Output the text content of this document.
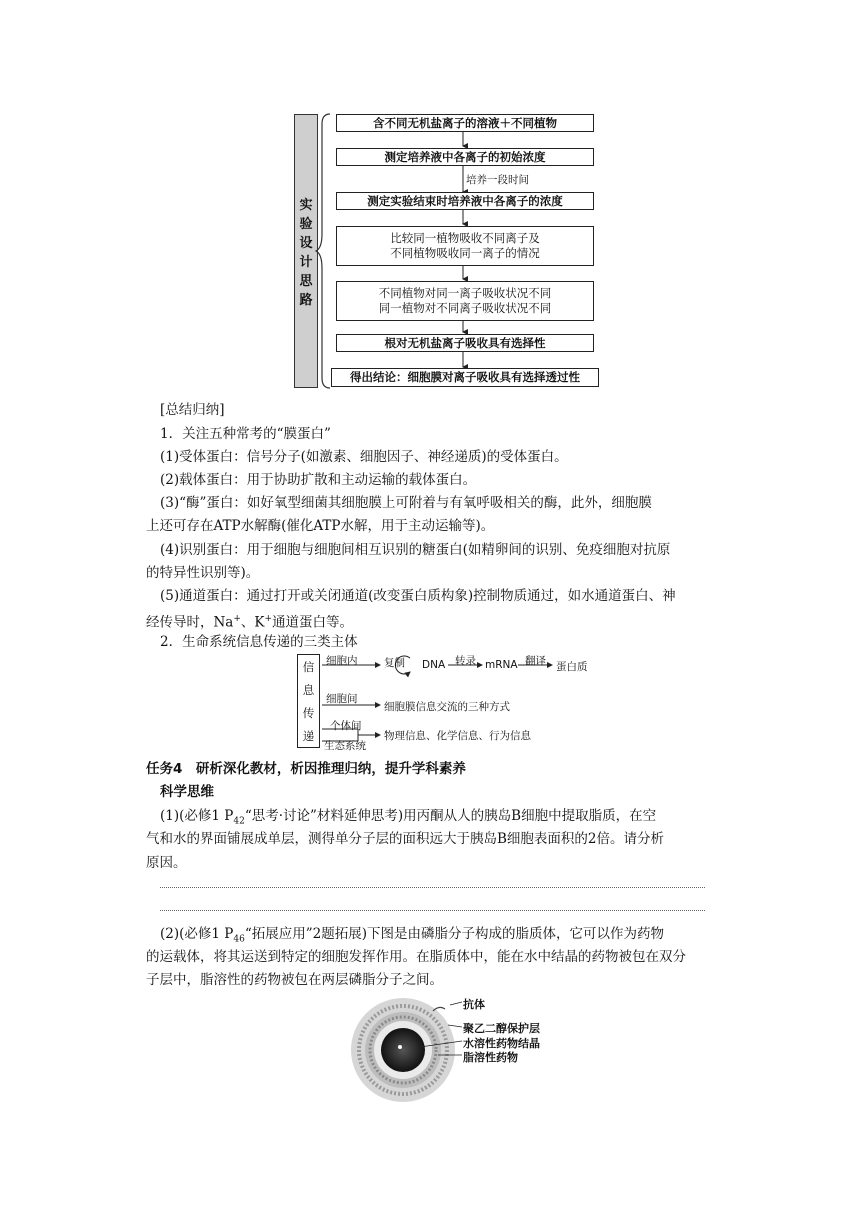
实
验
设
计
思
路
培养一段时间
含不同无机盐离子的溶液＋不同植物
测定培养液中各离子的初始浓度
测定实验结束时培养液中各离子的浓度
比较同一植物吸收不同离子及
不同植物吸收同一离子的情况
不同植物对同一离子吸收状况不同
同一植物对不同离子吸收状况不同
根对无机盐离子吸收具有选择性
得出结论：细胞膜对离子吸收具有选择透过性
[总结归纳]
1．关注五种常考的“膜蛋白”
(1)受体蛋白：信号分子(如激素、细胞因子、神经递质)的受体蛋白。
(2)载体蛋白：用于协助扩散和主动运输的载体蛋白。
(3)“酶”蛋白：如好氧型细菌其细胞膜上可附着与有氧呼吸相关的酶，此外，细胞膜
上还可存在ATP水解酶(催化ATP水解，用于主动运输等)。
(4)识别蛋白：用于细胞与细胞间相互识别的糖蛋白(如精卵间的识别、免疫细胞对抗原
的特异性识别等)。
(5)通道蛋白：通过打开或关闭通道(改变蛋白质构象)控制物质通过，如水通道蛋白、神
经传导时，Na+、K+通道蛋白等。
2．生命系统信息传递的三类主体
信
息
传
递
细胞内	复制 DNA 转录 mRNA 翻译 蛋白质
细胞间
细胞膜信息交流的三种方式
个体间
生态系统
物理信息、化学信息、行为信息
任务4　研析深化教材，析因推理归纳，提升学科素养
科学思维
(1)(必修1 $P_{42}“$思考·讨论”材料延伸思考)用丙酮从人的胰岛B细胞中提取脂质，在空
气和水的界面铺展成单层，测得单分子层的面积远大于胰岛B细胞表面积的2倍。请分析
原因。
(2)(必修1 $P_{46}“$拓展应用”2题拓展)下图是由磷脂分子构成的脂质体，它可以作为药物
的运载体，将其运送到特定的细胞发挥作用。在脂质体中，能在水中结晶的药物被包在双分
子层中，脂溶性的药物被包在两层磷脂分子之间。
抗体
聚乙二醇保护层
水溶性药物结晶
脂溶性药物
